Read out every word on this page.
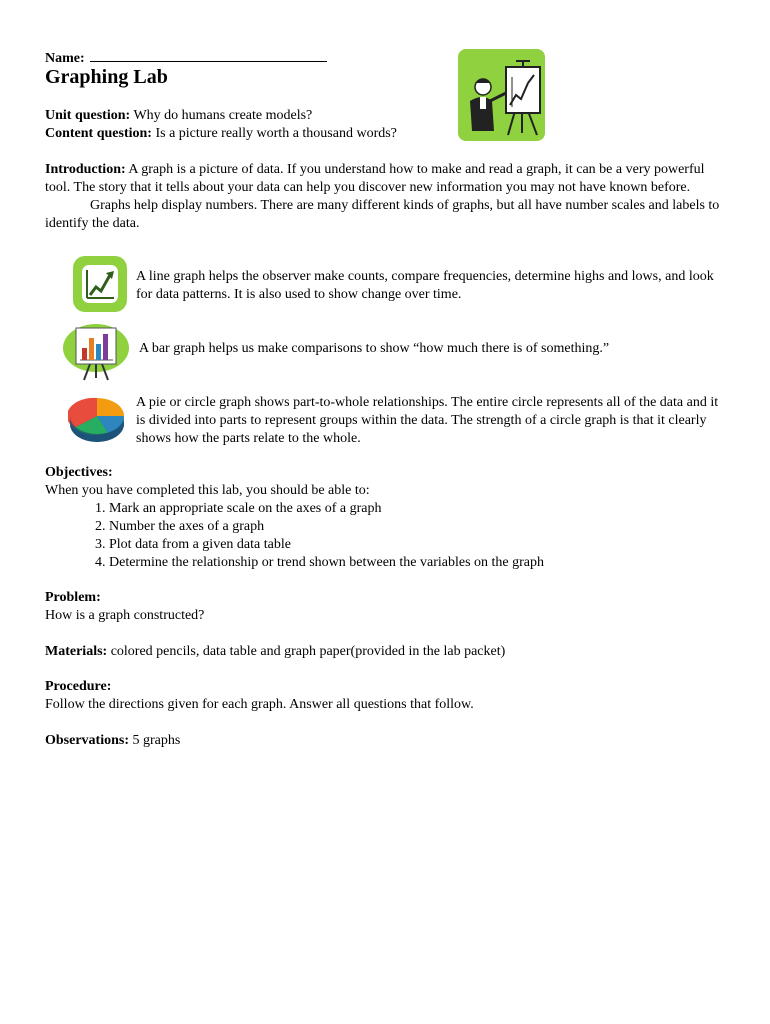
Name:
Graphing Lab
Unit question: Why do humans create models?
Content question: Is a picture really worth a thousand words?

Introduction: A graph is a picture of data. If you understand how to make and read a graph, it can be a very powerful tool. The story that it tells about your data can help you discover new information you may not have known before.

Graphs help display numbers. There are many different kinds of graphs, but all have number scales and labels to identify the data.

A line graph helps the observer make counts, compare frequencies, determine highs and lows, and look for data patterns. It is also used to show change over time.
A bar graph helps us make comparisons to show “how much there is of something.”
A pie or circle graph shows part-to-whole relationships. The entire circle represents all of the data and it is divided into parts to represent groups within the data. The strength of a circle graph is that it clearly shows how the parts relate to the whole.
Objectives:
When you have completed this lab, you should be able to:
1. Mark an appropriate scale on the axes of a graph
2. Number the axes of a graph
3. Plot data from a given data table
4. Determine the relationship or trend shown between the variables on the graph
Problem:
How is a graph constructed?
Materials: colored pencils, data table and graph paper(provided in the lab packet)
Procedure:
Follow the directions given for each graph. Answer all questions that follow.
Observations: 5 graphs
